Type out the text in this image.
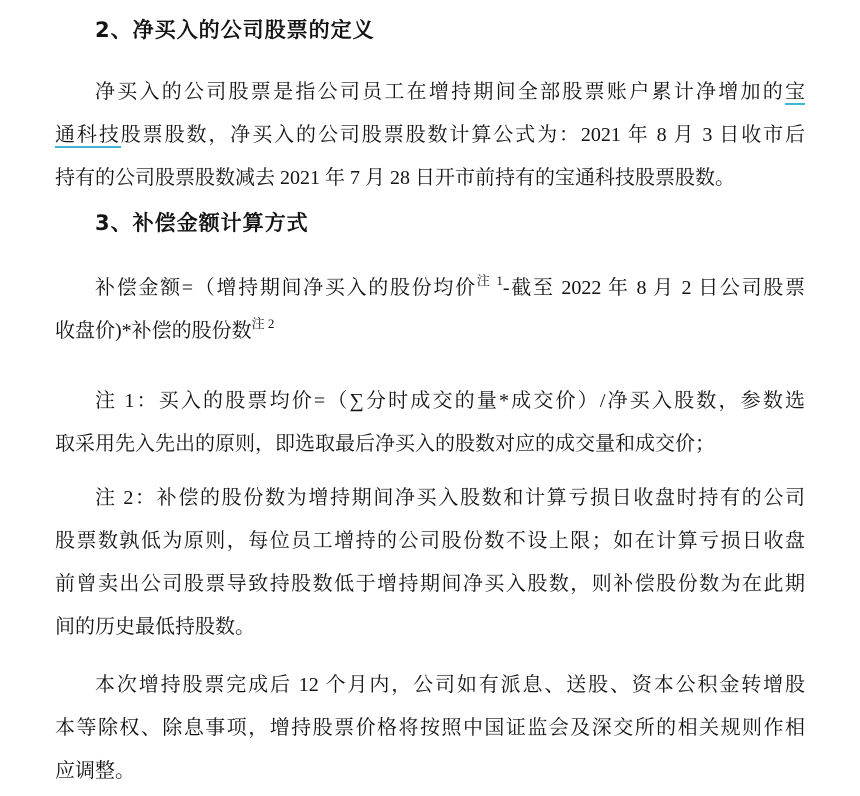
2、净买入的公司股票的定义
净买入的公司股票是指公司员工在增持期间全部股票账户累计净增加的宝
通科技股票股数，净买入的公司股票股数计算公式为：2021 年 8 月 3 日收市后
持有的公司股票股数减去 2021 年 7 月 28 日开市前持有的宝通科技股票股数。
3、补偿金额计算方式
补偿金额=（增持期间净买入的股份均价$^{注 1}$-截至 2022 年 8 月 2 日公司股票
收盘价)*补偿的股份数$^{注 2}$
注 1：买入的股票均价=（∑分时成交的量*成交价）/净买入股数，参数选
取采用先入先出的原则，即选取最后净买入的股数对应的成交量和成交价；
注 2：补偿的股份数为增持期间净买入股数和计算亏损日收盘时持有的公司
股票数孰低为原则，每位员工增持的公司股份数不设上限；如在计算亏损日收盘
前曾卖出公司股票导致持股数低于增持期间净买入股数，则补偿股份数为在此期
间的历史最低持股数。
本次增持股票完成后 12 个月内，公司如有派息、送股、资本公积金转增股
本等除权、除息事项，增持股票价格将按照中国证监会及深交所的相关规则作相
应调整。
